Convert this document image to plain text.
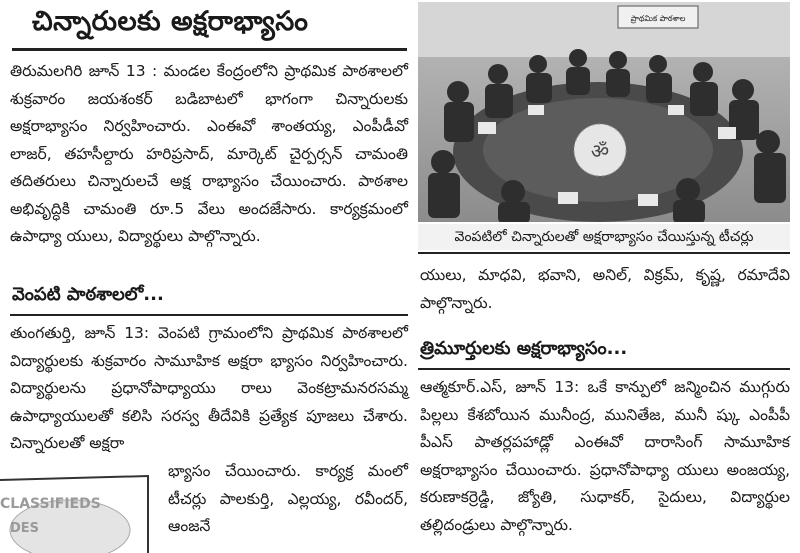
చిన్నారులకు అక్షరాభ్యాసం

తిరుమలగిరి జూన్ 13 : మండల కేంద్రంలోని ప్రాథమిక పాఠశాలలో శుక్రవారం జయశంకర్ బడిబాటలో భాగంగా చిన్నారులకు అక్షరాభ్యాసం నిర్వహించారు. ఎంఈవో శాంతయ్య, ఎంపీడీవో లాజర్, తహసీల్దారు హరిప్రసాద్, మార్కెట్ చైర్పర్సన్ చామంతి తదితరులు చిన్నారులచే అక్ష రాభ్యాసం చేయించారు. పాఠశాల అభివృద్ధికి చామంతి రూ.5 వేలు అందజేసారు. కార్యక్రమంలో ఉపాధ్యా యులు, విద్యార్థులు పాల్గొన్నారు.

వెంపటి పాఠశాలలో...

తుంగతుర్తి, జూన్ 13: వెంపటి గ్రామంలోని ప్రాథమిక పాఠశాలలో విద్యార్థులకు శుక్రవారం సామూహిక అక్షరా భ్యాసం నిర్వహించారు. విద్యార్థులను ప్రధానోపాధ్యాయు రాలు వెంకట్రామనరసమ్మ ఉపాధ్యాయులతో కలిసి సరస్వ తీదేవికి ప్రత్యేక పూజలు చేశారు. చిన్నారులతో అక్షరా

భ్యాసం చేయించారు. కార్యక్ర మంలో టీచర్లు పాలకుర్తి, ఎల్లయ్య, రవీందర్, ఆంజనే

ప్రాథమిక పాఠశాల
ॐ
వెంపటిలో చిన్నారులతో అక్షరాభ్యాసం చేయిస్తున్న టీచర్లు

యులు, మాధవి, భవాని, అనిల్, విక్రమ్, కృష్ణ, రమాదేవి పాల్గొన్నారు.

త్రిమూర్తులకు అక్షరాభ్యాసం...

ఆత్మకూర్.ఎస్, జూన్ 13: ఒకే కాన్పులో జన్మించిన ముగ్గురు పిల్లలు కేశబోయిన మునీంద్ర, మునితేజ, మునీ ష్కు ఎంపీపీ పీఎస్ పాతర్లపహాడ్లో ఎంఈవో దారాసింగ్ సామూహిక అక్షరాభ్యాసం చేయించారు. ప్రధానోపాధ్యా యులు అంజయ్య, కరుణాకర్రెడ్డి, జ్యోతి, సుధాకర్, సైదులు, విద్యార్థుల తల్లిదండ్రులు పాల్గొన్నారు.

CLASSIFIEDS
DES
